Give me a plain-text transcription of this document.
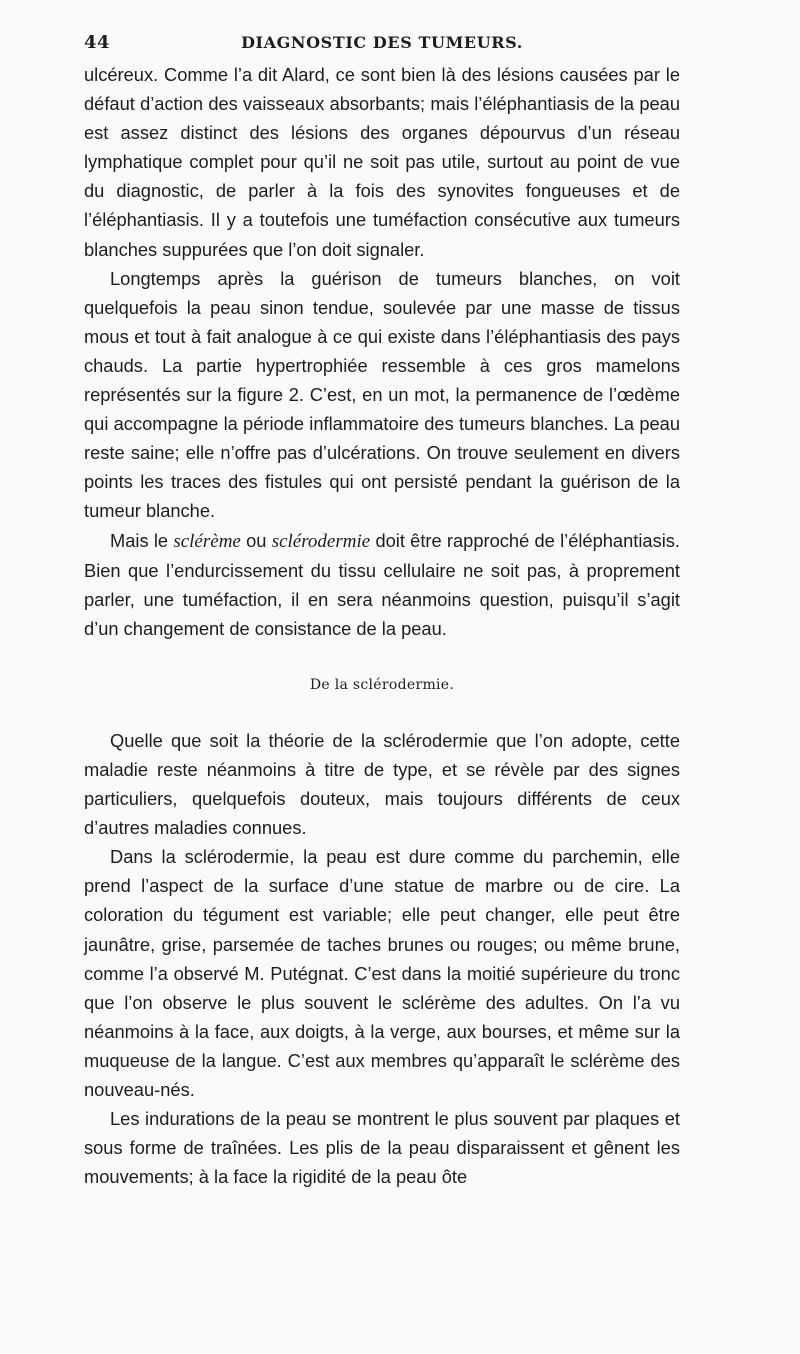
44	DIAGNOSTIC DES TUMEURS.

ulcéreux. Comme l’a dit Alard, ce sont bien là des lésions causées par le défaut d’action des vaisseaux absorbants; mais l’éléphantiasis de la peau est assez distinct des lésions des organes dépourvus d’un réseau lymphatique complet pour qu’il ne soit pas utile, surtout au point de vue du diagnostic, de parler à la fois des synovites fongueuses et de l’éléphantiasis. Il y a toutefois une tuméfaction consécutive aux tumeurs blanches suppurées que l’on doit signaler.

Longtemps après la guérison de tumeurs blanches, on voit quelquefois la peau sinon tendue, soulevée par une masse de tissus mous et tout à fait analogue à ce qui existe dans l’éléphantiasis des pays chauds. La partie hypertrophiée ressemble à ces gros mamelons représentés sur la figure 2. C’est, en un mot, la permanence de l’œdème qui accompagne la période inflammatoire des tumeurs blanches. La peau reste saine; elle n’offre pas d’ulcérations. On trouve seulement en divers points les traces des fistules qui ont persisté pendant la guérison de la tumeur blanche.

Mais le sclérème ou sclérodermie doit être rapproché de l’éléphantiasis. Bien que l’endurcissement du tissu cellulaire ne soit pas, à proprement parler, une tuméfaction, il en sera néanmoins question, puisqu’il s’agit d’un changement de consistance de la peau.

De la sclérodermie.

Quelle que soit la théorie de la sclérodermie que l’on adopte, cette maladie reste néanmoins à titre de type, et se révèle par des signes particuliers, quelquefois douteux, mais toujours différents de ceux d’autres maladies connues.

Dans la sclérodermie, la peau est dure comme du parchemin, elle prend l’aspect de la surface d’une statue de marbre ou de cire. La coloration du tégument est variable; elle peut changer, elle peut être jaunâtre, grise, parsemée de taches brunes ou rouges; ou même brune, comme l’a observé M. Putégnat. C’est dans la moitié supérieure du tronc que l’on observe le plus souvent le sclérème des adultes. On l’a vu néanmoins à la face, aux doigts, à la verge, aux bourses, et même sur la muqueuse de la langue. C’est aux membres qu’apparaît le sclérème des nouveau-nés.

Les indurations de la peau se montrent le plus souvent par plaques et sous forme de traînées. Les plis de la peau disparaissent et gênent les mouvements; à la face la rigidité de la peau ôte
